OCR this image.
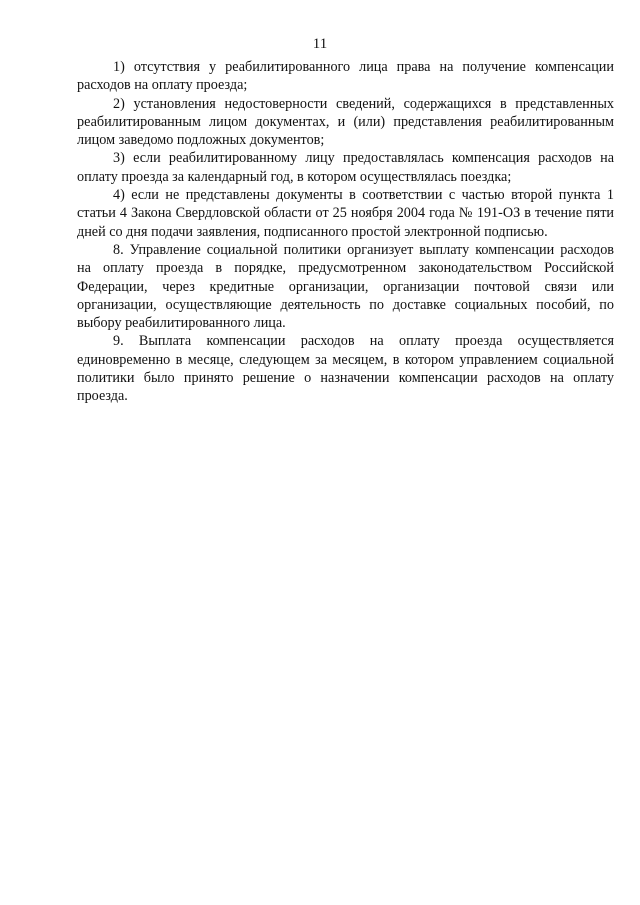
11

1) отсутствия у реабилитированного лица права на получение компенсации расходов на оплату проезда;

2) установления недостоверности сведений, содержащихся в представленных реабилитированным лицом документах, и (или) представления реабилитированным лицом заведомо подложных документов;

3) если реабилитированному лицу предоставлялась компенсация расходов на оплату проезда за календарный год, в котором осуществлялась поездка;

4) если не представлены документы в соответствии с частью второй пункта 1 статьи 4 Закона Свердловской области от 25 ноября 2004 года № 191-ОЗ в течение пяти дней со дня подачи заявления, подписанного простой электронной подписью.

8. Управление социальной политики организует выплату компенсации расходов на оплату проезда в порядке, предусмотренном законодательством Российской Федерации, через кредитные организации, организации почтовой связи или организации, осуществляющие деятельность по доставке социальных пособий, по выбору реабилитированного лица.

9. Выплата компенсации расходов на оплату проезда осуществляется единовременно в месяце, следующем за месяцем, в котором управлением социальной политики было принято решение о назначении компенсации расходов на оплату проезда.
